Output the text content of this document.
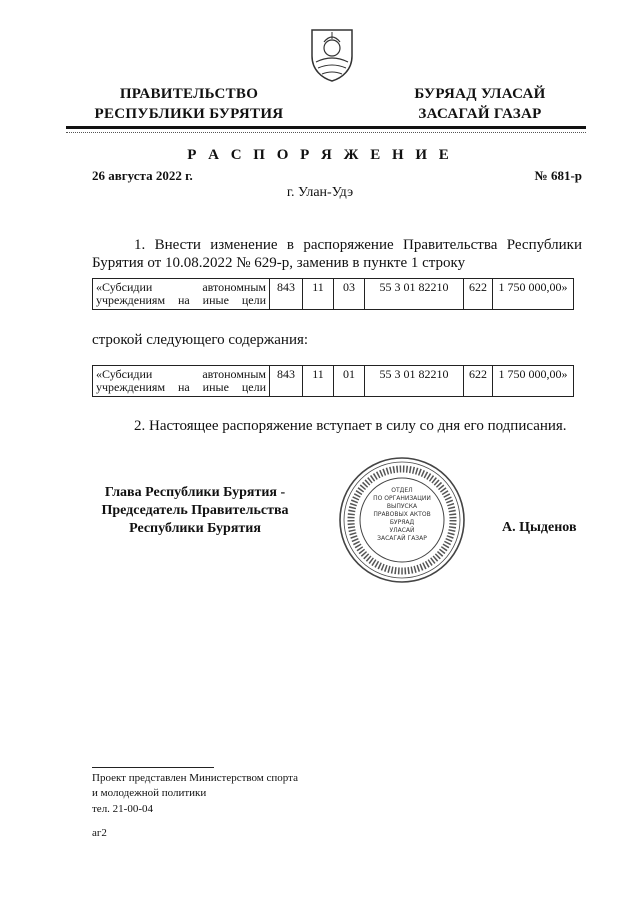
ПРАВИТЕЛЬСТВО
РЕСПУБЛИКИ БУРЯТИЯ
БУРЯАД УЛАСАЙ
ЗАСАГАЙ ГАЗАР
Р А С П О Р Я Ж Е Н И Е
26 августа 2022 г.	№ 681-р
г. Улан-Удэ
1. Внести изменение в распоряжение Правительства Республики Бурятия от 10.08.2022 № 629-р, заменив в пункте 1 строку
«Субсидии автономным учреждениям на иные цели	843	11	03	55 3 01 82210	622	1 750 000,00»
строкой следующего содержания:
«Субсидии автономным учреждениям на иные цели	843	11	01	55 3 01 82210	622	1 750 000,00»
2. Настоящее распоряжение вступает в силу со дня его подписания.
Глава Республики Бурятия -
Председатель Правительства
Республики Бурятия	А. Цыденов
ОТДЕЛ
ПО ОРГАНИЗАЦИИ
ВЫПУСКА
ПРАВОВЫХ АКТОВ
БУРЯАД
УЛАСАЙ
ЗАСАГАЙ ГАЗАР
Проект представлен Министерством спорта
и молодежной политики
тел. 21-00-04
аг2
